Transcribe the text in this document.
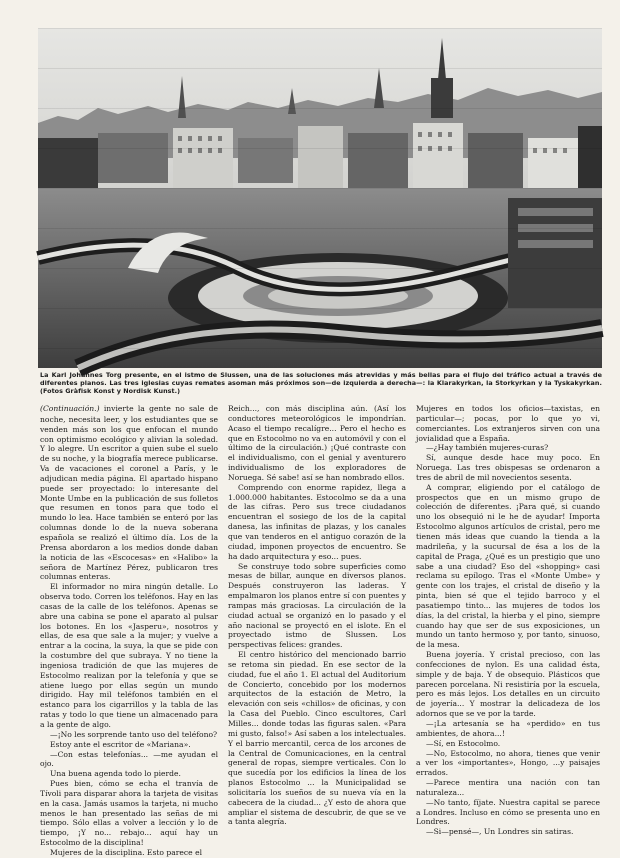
La Karl Johannes Torg presente, en el istmo de Slussen, una de las soluciones más atrevidas y más bellas para el flujo del tráfico actual a través de diferentes planos. Las tres iglesias cuyas remates asoman más próximos son—de izquierda a derecha—: la Klarakyrkan, la Storkyrkan y la Tyskakyrkan. (Fotos Gràfisk Konst y Nordisk Kunst.)

(Continuación.) invierte la gente no sale de noche, necesita leer, y los estudiantes que se venden más son los que enfocan el mundo con optimismo ecológico y alivian la soledad. Y lo alegre. Un escritor a quien sube el suelo de su noche, y la biografía merece publicarse. Va de vacaciones el coronel a París, y le adjudican media página. El apartado hispano puede ser proyectado: lo interesante del Monte Umbe en la publicación de sus folletos que resumen en tonos para que todo el mundo lo lea. Hace también se enteró por las columnas donde lo de la nueva soberana española se realizó el último día. Los de la Prensa abordaron a los medios donde daban la noticia de las «Escocesas» en «Halibo» la señora de Martínez Pérez, publicaron tres columnas enteras.

El informador no mira ningún detalle. Lo observa todo. Corren los teléfonos. Hay en las casas de la calle de los teléfonos. Apenas se abre una cabina se pone el aparato al pulsar los botones. En los «Jasperu», nosotros y ellas, de esa que sale a la mujer; y vuelve a entrar a la cocina, la suya, la que se pide con la costumbre del que subraya. Y no tiene la ingeniosa tradición de que las mujeres de Estocolmo realizan por la telefonía y que se atiene luego por ellas según un mundo dirigido. Hay mil teléfonos también en el estanco para los cigarrillos y la tabla de las ratas y todo lo que tiene un almacenado para a la gente de algo.

—¡No les sorprende tanto uso del teléfono?

Estoy ante el escritor de «Mariana».

—Con estas telefonías... —me ayudan el ojo.

Una buena agenda todo lo pierde.

Pues bien, cómo se echa el tranvía de Tívoli para disparar ahora la tarjeta de visitas en la casa. Jamás usamos la tarjeta, ni mucho menos le han presentado las señas de mi tiempo. Sólo ellas a volver a lección y lo de tiempo, ¡Y no... rebajo... aquí hay un Estocolmo de la disciplina!

Mujeres de la disciplina. Esto parece el

Reich..., con más disciplina aún. (Así los conductores meteorológicos le impondrían. Acaso el tiempo recalígre... Pero el hecho es que en Estocolmo no va en automóvil y con el último de la circulación.) ¡Qué contraste con el individualismo, con el genial y aventurero individualismo de los exploradores de Noruega. Sé sabe! así se han nombrado ellos.

Comprendo con enorme rapidez, llega a 1.000.000 habitantes. Estocolmo se da a una de las cifras. Pero sus trece ciudadanos encuentran el sosiego de los de la capital danesa, las infinitas de plazas, y los canales que van tenderos en el antiguo corazón de la ciudad, imponen proyectos de encuentro. Se ha dado arquitectura y eso... pues.

Se construye todo sobre superficies como mesas de billar, aunque en diversos planos. Después construyeron las laderas. Y empalmaron los planos entre sí con puentes y rampas más graciosas. La circulación de la ciudad actual se organizó en lo pasado y el año nacional se proyectó en el islote. En el proyectado istmo de Slussen. Los perspectivas felices: grandes.

El centro histórico del mencionado barrio se retoma sin piedad. En ese sector de la ciudad, fue el año 1. El actual del Auditorium de Concierto, concebido por los modernos arquitectos de la estación de Metro, la elevación con seis «chillos» de oficinas, y con la Casa del Pueblo. Cinco escultores, Carl Milles... donde todas las figuras salen. «Para mi gusto, falso!» Así saben a los intelectuales. Y el barrio mercantil, cerca de los arcones de la Central de Comunicaciones, en la central general de ropas, siempre verticales. Con lo que sucedía por los edificios la línea de los planos Estocolmo ... la Municipalidad se solicitaría los sueños de su nueva vía en la cabecera de la ciudad... ¿Y esto de ahora que ampliar el sistema de descubrir, de que se ve a tanta alegría.

Mujeres en todos los oficios—taxistas, en particular—; pocas, por lo que yo vi, comerciantes. Los extranjeros sirven con una jovialidad que a España.

—¿Hay también mujeres-curas?

Sí, aunque desde hace muy poco. En Noruega. Las tres obispesas se ordenaron a tres de abril de mil novecientos sesenta.

A comprar, eligiendo por el catálogo de prospectos que en un mismo grupo de colección de diferentes. ¡Para qué, si cuando uno los obsequió ni le he de ayudar! Importa Estocolmo algunos artículos de cristal, pero me tienen más ideas que cuando la tienda a la madrileña, y la sucursal de ésa a los de la capital de Praga, ¿Qué es un prestigio que uno sabe a una ciudad? Eso del «shopping» casi reclama su epílogo. Tras el «Monte Umbe» y gente con los trajes, el cristal de diseño y la pinta, bien sé que el tejido barroco y el pasatiempo tinto... las mujeres de todos los días, la del cristal, la hierba y el pino, siempre cuando hay que ser de sus exposiciones, un mundo un tanto hermoso y, por tanto, sinuoso, de la mesa.

Buena joyería. Y cristal precioso, con las confecciones de nylon. Es una calidad ésta, simple y de baja. Y de obsequio. Plásticos que parecen porcelana. Ni resistiría por la escuela, pero es más lejos. Los detalles en un circuito de joyería... Y mostrar la delicadeza de los adornos que se ve por la tarde.

—¡La artesanía se ha «perdido» en tus ambientes, de ahora...!

—Sí, en Estocolmo.

—No, Estocolmo, no ahora, tienes que venir a ver los «importantes», Hongo, ...y paisajes errados.

—Parece mentira una nación con tan naturaleza...

—No tanto, fíjate. Nuestra capital se parece a Londres. Incluso en cómo se presenta uno en Londres.

—Si—pensé—, Un Londres sin satiras.
